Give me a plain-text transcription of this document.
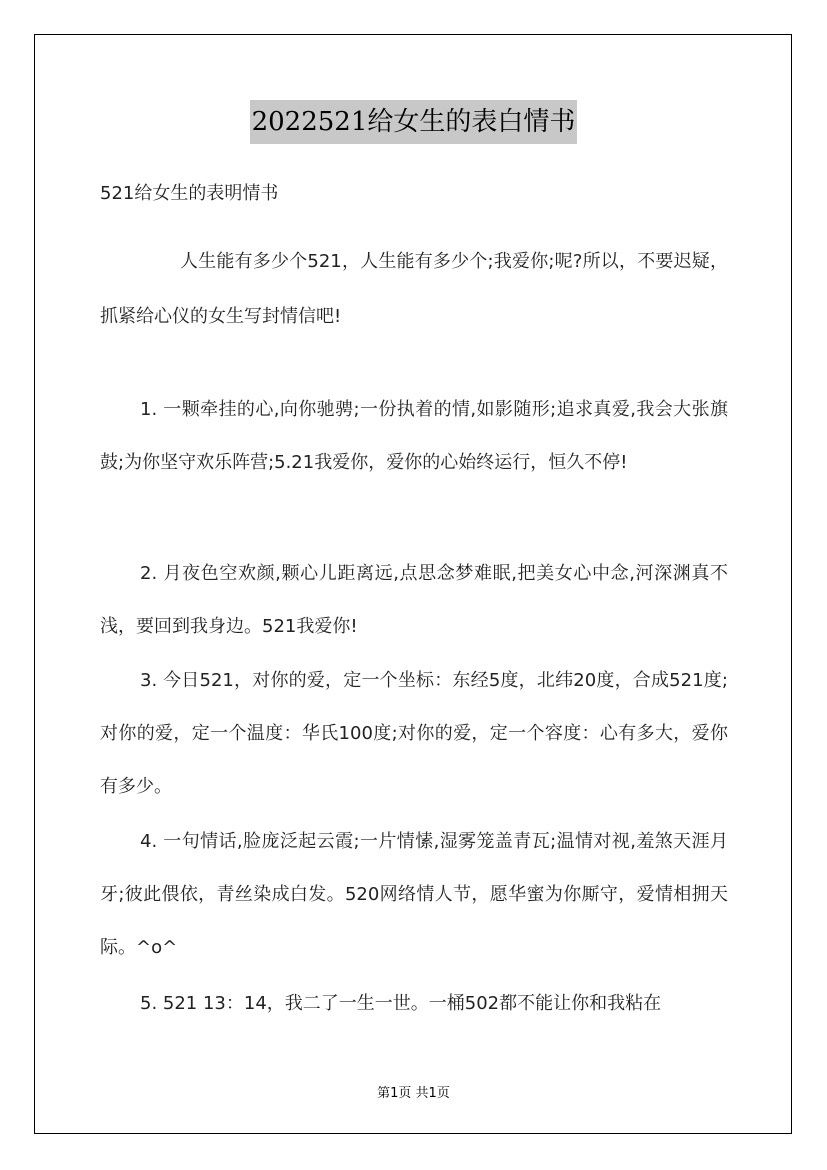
2022521给女生的表白情书
521给女生的表明情书
人生能有多少个521，人生能有多少个;我爱你;呢?所以，不要迟疑，抓紧给心仪的女生写封情信吧!
1. 一颗牵挂的心,向你驰骋;一份执着的情,如影随形;追求真爱,我会大张旗鼓;为你坚守欢乐阵营;5.21我爱你，爱你的心始终运行，恒久不停!
2. 月夜色空欢颜,颗心儿距离远,点思念梦难眠,把美女心中念,河深渊真不浅，要回到我身边。521我爱你!
3. 今日521，对你的爱，定一个坐标：东经5度，北纬20度，合成521度;对你的爱，定一个温度：华氏100度;对你的爱，定一个容度：心有多大，爱你有多少。
4. 一句情话,脸庞泛起云霞;一片情愫,湿雾笼盖青瓦;温情对视,羞煞天涯月牙;彼此偎依，青丝染成白发。520网络情人节，愿华蜜为你厮守，爱情相拥天际。^o^
5. 521 13：14，我二了一生一世。一桶502都不能让你和我粘在
第1页 共1页
